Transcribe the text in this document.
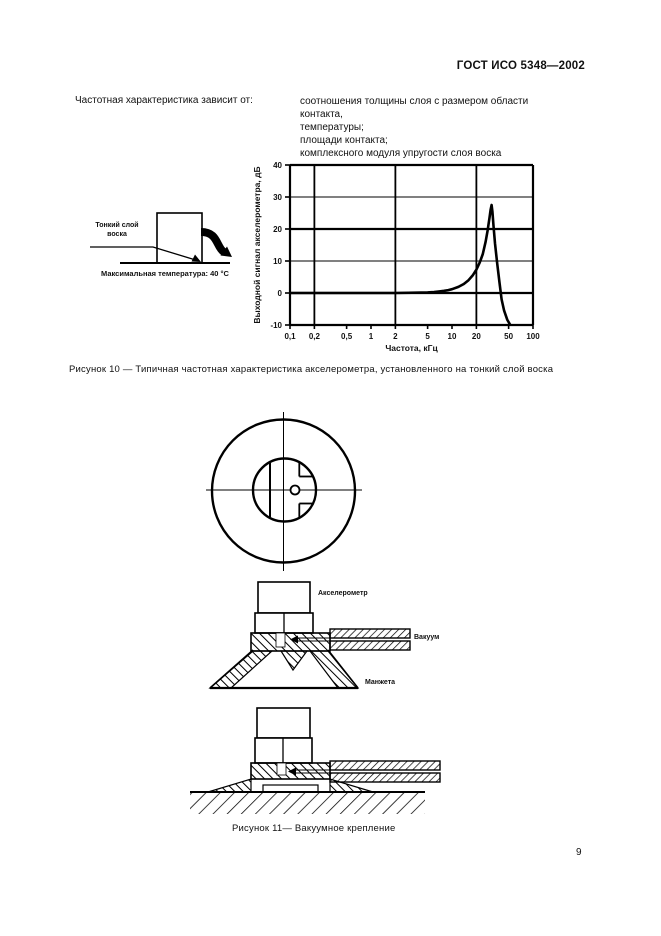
ГОСТ ИСО 5348—2002
Частотная характеристика зависит от:	соотношения толщины слоя с размером области контакта,
температуры;
площади контакта;
комплексного модуля упругости слоя воска
Тонкий слой воска
Максимальная температура: 40 °C
40
30
20
10
0
-10
0,1 0,2	0,5 1 2	5 10 20	50 100
Частота, кГц
Выходной сигнал акселерометра, дБ
Рисунок 10 — Типичная частотная характеристика акселерометра, установленного на тонкий слой воска
Акселерометр
Вакуум
Манжета
Рисунок 11— Вакуумное крепление
9
